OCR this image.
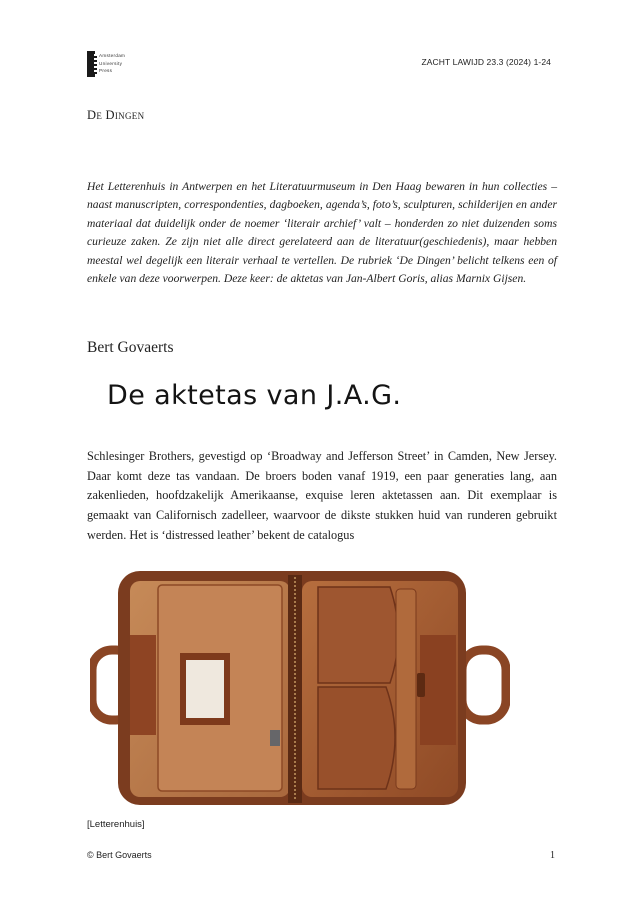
Amsterdam
University
Press
ZACHT LAWIJD 23.3 (2024) 1-24
De Dingen
Het Letterenhuis in Antwerpen en het Literatuurmuseum in Den Haag bewaren in hun collecties – naast manuscripten, correspondenties, dagboeken, agenda’s, foto’s, sculpturen, schilderijen en ander materiaal dat duidelijk onder de noemer ‘literair archief’ valt – honderden zo niet duizenden soms curieuze zaken. Ze zijn niet alle direct gerelateerd aan de literatuur(geschiedenis), maar hebben meestal wel degelijk een literair verhaal te vertellen. De rubriek ‘De Dingen’ belicht telkens een of enkele van deze voorwerpen. Deze keer: de aktetas van Jan-Albert Goris, alias Marnix Gijsen.
Bert Govaerts
De aktetas van J.A.G.
Schlesinger Brothers, gevestigd op ‘Broadway and Jefferson Street’ in Camden, New Jersey. Daar komt deze tas vandaan. De broers boden vanaf 1919, een paar generaties lang, aan zakenlieden, hoofdzakelijk Amerikaanse, exquise leren aktetassen aan. Dit exemplaar is gemaakt van Californisch zadelleer, waarvoor de dikste stukken huid van runderen gebruikt werden. Het is ‘distressed leather’ bekent de catalogus
[Letterenhuis]
© Bert Govaerts	1
